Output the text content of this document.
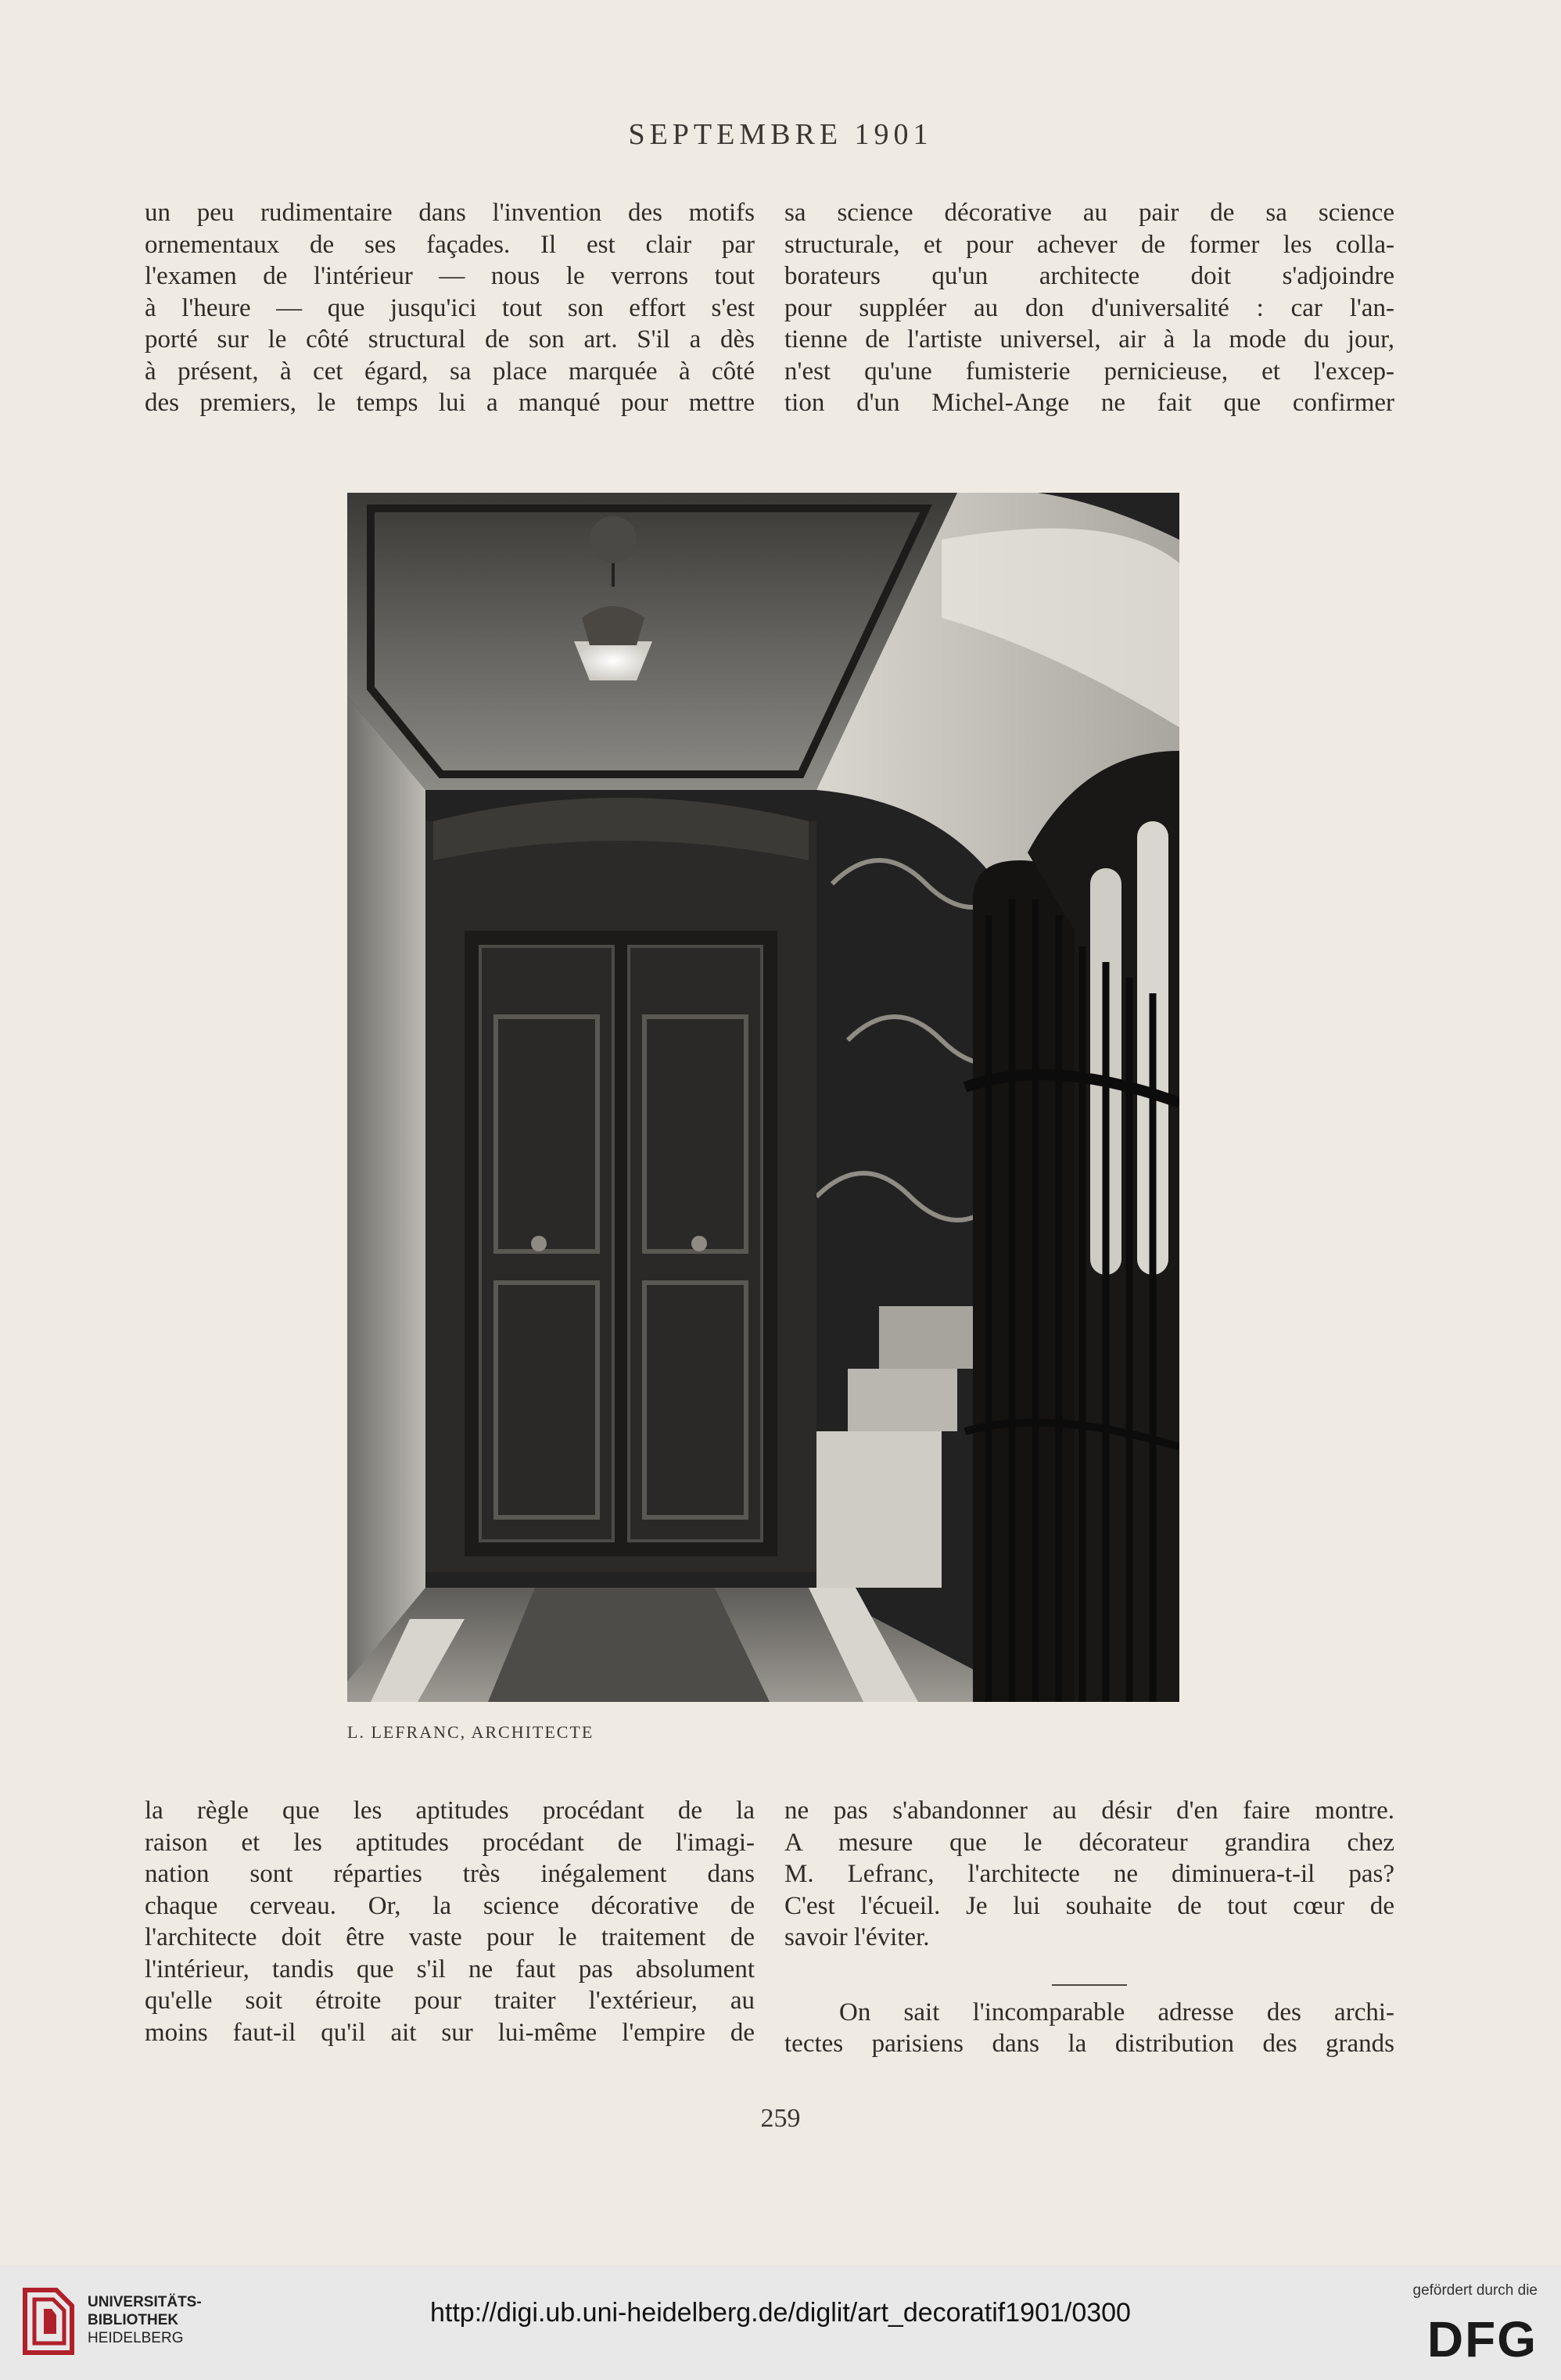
SEPTEMBRE 1901

un peu rudimentaire dans l'invention des motifs
ornementaux de ses façades. Il est clair par
l'examen de l'intérieur — nous le verrons tout
à l'heure — que jusqu'ici tout son effort s'est
porté sur le côté structural de son art. S'il a dès
à présent, à cet égard, sa place marquée à côté
des premiers, le temps lui a manqué pour mettre

sa science décorative au pair de sa science
structurale, et pour achever de former les colla-
borateurs qu'un architecte doit s'adjoindre
pour suppléer au don d'universalité : car l'an-
tienne de l'artiste universel, air à la mode du jour,
n'est qu'une fumisterie pernicieuse, et l'excep-
tion d'un Michel-Ange ne fait que confirmer

L. LEFRANC, ARCHITECTE

la règle que les aptitudes procédant de la
raison et les aptitudes procédant de l'imagi-
nation sont réparties très inégalement dans
chaque cerveau. Or, la science décorative de
l'architecte doit être vaste pour le traitement de
l'intérieur, tandis que s'il ne faut pas absolument
qu'elle soit étroite pour traiter l'extérieur, au
moins faut-il qu'il ait sur lui-même l'empire de

ne pas s'abandonner au désir d'en faire montre.
A mesure que le décorateur grandira chez
M. Lefranc, l'architecte ne diminuera-t-il pas?
C'est l'écueil. Je lui souhaite de tout cœur de
savoir l'éviter.

On sait l'incomparable adresse des archi-
tectes parisiens dans la distribution des grands

259
UNIVERSITÄTS-
BIBLIOTHEK
HEIDELBERG
http://digi.ub.uni-heidelberg.de/diglit/art_decoratif1901/0300
gefördert durch die
DFG
